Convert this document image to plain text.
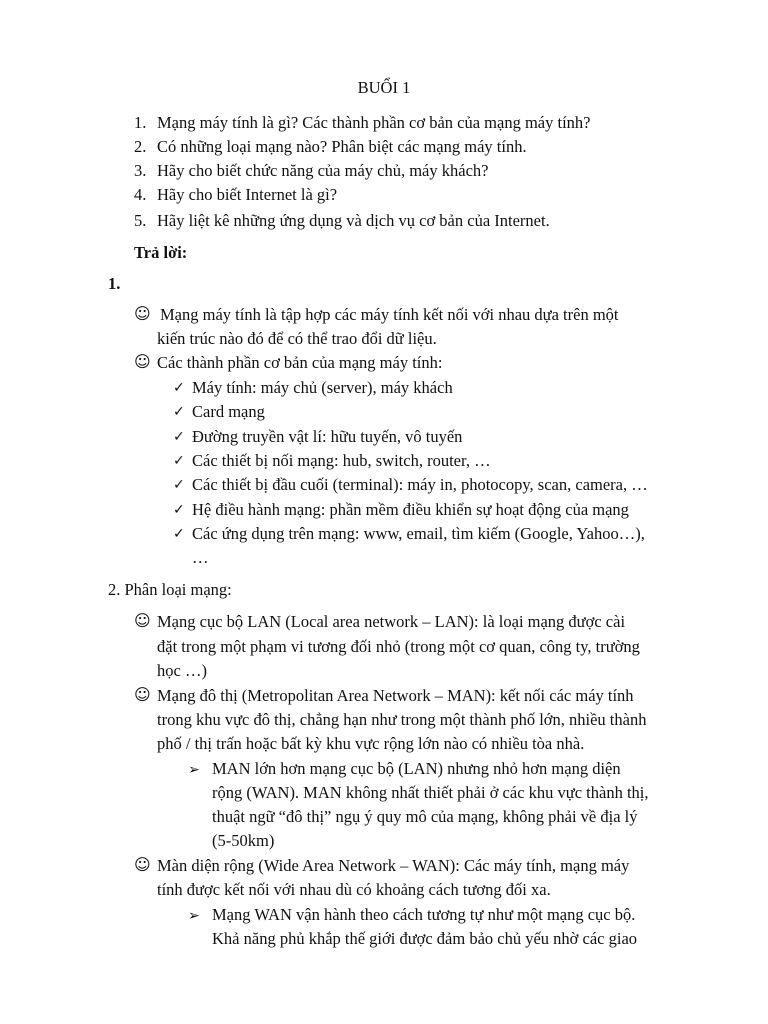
BUỔI 1
1. Mạng máy tính là gì? Các thành phần cơ bản của mạng máy tính?
2. Có những loại mạng nào? Phân biệt các mạng máy tính.
3. Hãy cho biết chức năng của máy chủ, máy khách?
4. Hãy cho biết Internet là gì?
5. Hãy liệt kê những ứng dụng và dịch vụ cơ bản của Internet.
Trả lời:
1.
☺ Mạng máy tính là tập hợp các máy tính kết nối với nhau dựa trên một
kiến trúc nào đó để có thể trao đổi dữ liệu.
☺ Các thành phần cơ bản của mạng máy tính:
✓ Máy tính: máy chủ (server), máy khách
✓ Card mạng
✓ Đường truyền vật lí: hữu tuyến, vô tuyến
✓ Các thiết bị nối mạng: hub, switch, router, …
✓ Các thiết bị đầu cuối (terminal): máy in, photocopy, scan, camera, …
✓ Hệ điều hành mạng: phần mềm điều khiển sự hoạt động của mạng
✓ Các ứng dụng trên mạng: www, email, tìm kiếm (Google, Yahoo…),
…
2. Phân loại mạng:
☺ Mạng cục bộ LAN (Local area network – LAN): là loại mạng được cài
đặt trong một phạm vi tương đối nhỏ (trong một cơ quan, công ty, trường
học …)
☺ Mạng đô thị (Metropolitan Area Network – MAN): kết nối các máy tính
trong khu vực đô thị, chẳng hạn như trong một thành phố lớn, nhiều thành
phố / thị trấn hoặc bất kỳ khu vực rộng lớn nào có nhiều tòa nhà.
➢ MAN lớn hơn mạng cục bộ (LAN) nhưng nhỏ hơn mạng diện
rộng (WAN). MAN không nhất thiết phải ở các khu vực thành thị,
thuật ngữ “đô thị” ngụ ý quy mô của mạng, không phải về địa lý
(5-50km)
☺ Màn diện rộng (Wide Area Network – WAN): Các máy tính, mạng máy
tính được kết nối với nhau dù có khoảng cách tương đối xa.
➢ Mạng WAN vận hành theo cách tương tự như một mạng cục bộ.
Khả năng phủ khắp thế giới được đảm bảo chủ yếu nhờ các giao
